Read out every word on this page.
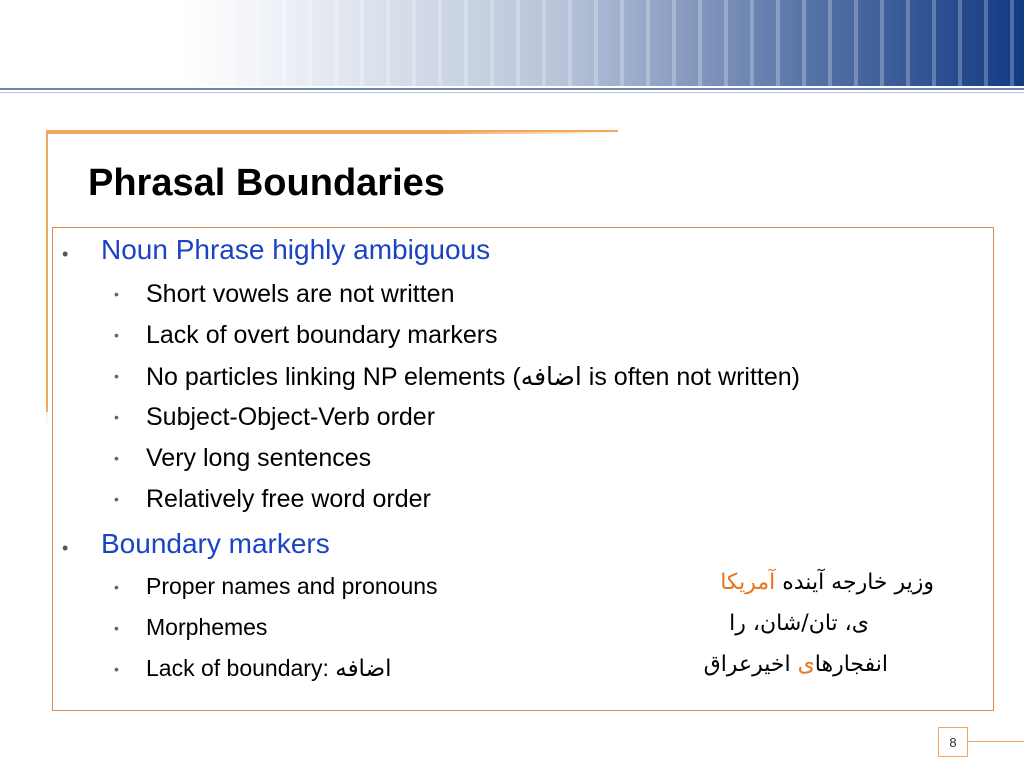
Phrasal Boundaries
• Noun Phrase highly ambiguous
• Short vowels are not written
• Lack of overt boundary markers
• No particles linking NP elements (اضافه is often not written)
• Subject-Object-Verb order
• Very long sentences
• Relatively free word order
• Boundary markers
• Proper names and pronouns	وزیر خارجه آینده آمریکا
• Morphemes	ی، تان/شان، را
• Lack of boundary: اضافه	انفجارهای اخیرعراق
8
